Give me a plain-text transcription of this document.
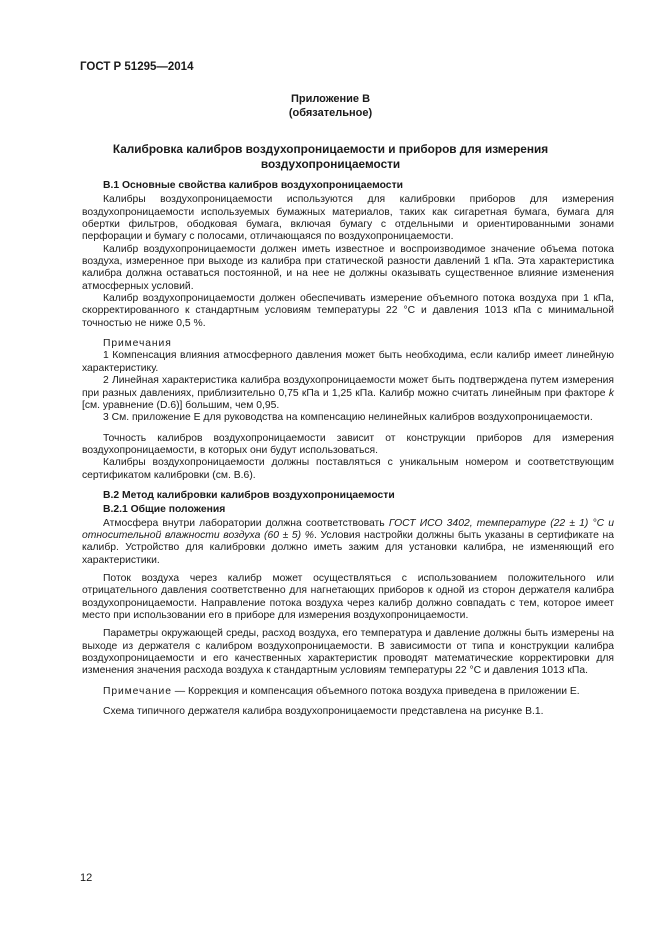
ГОСТ Р 51295—2014
Приложение В
(обязательное)
Калибровка калибров воздухопроницаемости и приборов для измерения
воздухопроницаемости

В.1 Основные свойства калибров воздухопроницаемости

Калибры воздухопроницаемости используются для калибровки приборов для измерения воздухопроницаемости используемых бумажных материалов, таких как сигаретная бумага, бумага для обертки фильтров, ободковая бумага, включая бумагу с отдельными и ориентированными зонами перфорации и бумагу с полосами, отличающаяся по воздухопроницаемости.

Калибр воздухопроницаемости должен иметь известное и воспроизводимое значение объема потока воздуха, измеренное при выходе из калибра при статической разности давлений 1 кПа. Эта характеристика калибра должна оставаться постоянной, и на нее не должны оказывать существенное влияние изменения атмосферных условий.

Калибр воздухопроницаемости должен обеспечивать измерение объемного потока воздуха при 1 кПа, скорректированного к стандартным условиям температуры 22 °С и давления 1013 кПа с минимальной точностью не ниже 0,5 %.

Примечания

1 Компенсация влияния атмосферного давления может быть необходима, если калибр имеет линейную характеристику.

2 Линейная характеристика калибра воздухопроницаемости может быть подтверждена путем измерения при разных давлениях, приблизительно 0,75 кПа и 1,25 кПа. Калибр можно считать линейным при факторе k [см. уравнение (D.6)] большим, чем 0,95.

3 См. приложение Е для руководства на компенсацию нелинейных калибров воздухопроницаемости.

Точность калибров воздухопроницаемости зависит от конструкции приборов для измерения воздухопроницаемости, в которых они будут использоваться.

Калибры воздухопроницаемости должны поставляться с уникальным номером и соответствующим сертификатом калибровки (см. В.6).

В.2 Метод калибровки калибров воздухопроницаемости

В.2.1 Общие положения

Атмосфера внутри лаборатории должна соответствовать ГОСТ ИСО 3402, температуре (22 ± 1) °С и относительной влажности воздуха (60 ± 5) %. Условия настройки должны быть указаны в сертификате на калибр. Устройство для калибровки должно иметь зажим для установки калибра, не изменяющий его характеристики.

Поток воздуха через калибр может осуществляться с использованием положительного или отрицательного давления соответственно для нагнетающих приборов к одной из сторон держателя калибра воздухопроницаемости. Направление потока воздуха через калибр должно совпадать с тем, которое имеет место при использовании его в приборе для измерения воздухопроницаемости.

Параметры окружающей среды, расход воздуха, его температура и давление должны быть измерены на выходе из держателя с калибром воздухопроницаемости. В зависимости от типа и конструкции калибра воздухопроницаемости и его качественных характеристик проводят математические корректировки для изменения значения расхода воздуха к стандартным условиям температуры 22 °С и давления 1013 кПа.

Примечание — Коррекция и компенсация объемного потока воздуха приведена в приложении Е.

Схема типичного держателя калибра воздухопроницаемости представлена на рисунке В.1.

12
